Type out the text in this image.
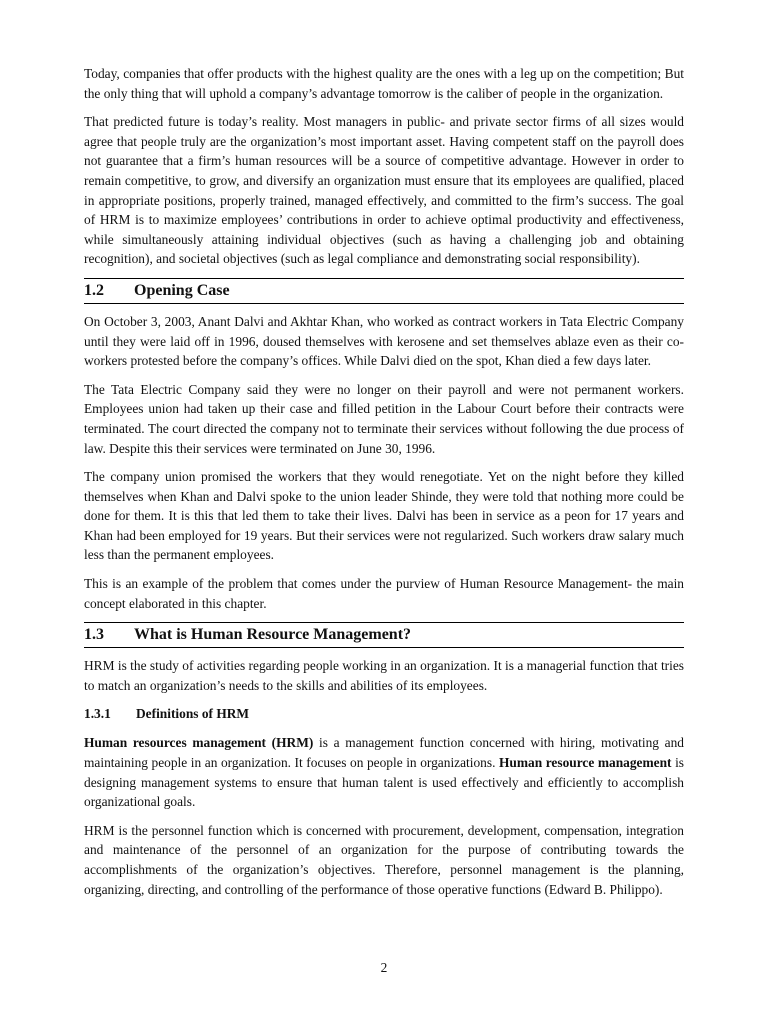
Today, companies that offer products with the highest quality are the ones with a leg up on the competition; But the only thing that will uphold a company’s advantage tomorrow is the caliber of people in the organization.

That predicted future is today’s reality. Most managers in public- and private sector firms of all sizes would agree that people truly are the organization’s most important asset. Having competent staff on the payroll does not guarantee that a firm’s human resources will be a source of competitive advantage. However in order to remain competitive, to grow, and diversify an organization must ensure that its employees are qualified, placed in appropriate positions, properly trained, managed effectively, and committed to the firm’s success. The goal of HRM is to maximize employees’ contributions in order to achieve optimal productivity and effectiveness, while simultaneously attaining individual objectives (such as having a challenging job and obtaining recognition), and societal objectives (such as legal compliance and demonstrating social responsibility).

1.2 Opening Case

On October 3, 2003, Anant Dalvi and Akhtar Khan, who worked as contract workers in Tata Electric Company until they were laid off in 1996, doused themselves with kerosene and set themselves ablaze even as their co-workers protested before the company’s offices. While Dalvi died on the spot, Khan died a few days later.

The Tata Electric Company said they were no longer on their payroll and were not permanent workers. Employees union had taken up their case and filled petition in the Labour Court before their contracts were terminated. The court directed the company not to terminate their services without following the due process of law. Despite this their services were terminated on June 30, 1996.

The company union promised the workers that they would renegotiate. Yet on the night before they killed themselves when Khan and Dalvi spoke to the union leader Shinde, they were told that nothing more could be done for them. It is this that led them to take their lives. Dalvi has been in service as a peon for 17 years and Khan had been employed for 19 years. But their services were not regularized. Such workers draw salary much less than the permanent employees.

This is an example of the problem that comes under the purview of Human Resource Management- the main concept elaborated in this chapter.

1.3 What is Human Resource Management?

HRM is the study of activities regarding people working in an organization. It is a managerial function that tries to match an organization’s needs to the skills and abilities of its employees.

1.3.1 Definitions of HRM

Human resources management (HRM) is a management function concerned with hiring, motivating and maintaining people in an organization. It focuses on people in organizations. Human resource management is designing management systems to ensure that human talent is used effectively and efficiently to accomplish organizational goals.

HRM is the personnel function which is concerned with procurement, development, compensation, integration and maintenance of the personnel of an organization for the purpose of contributing towards the accomplishments of the organization’s objectives. Therefore, personnel management is the planning, organizing, directing, and controlling of the performance of those operative functions (Edward B. Philippo).

2
